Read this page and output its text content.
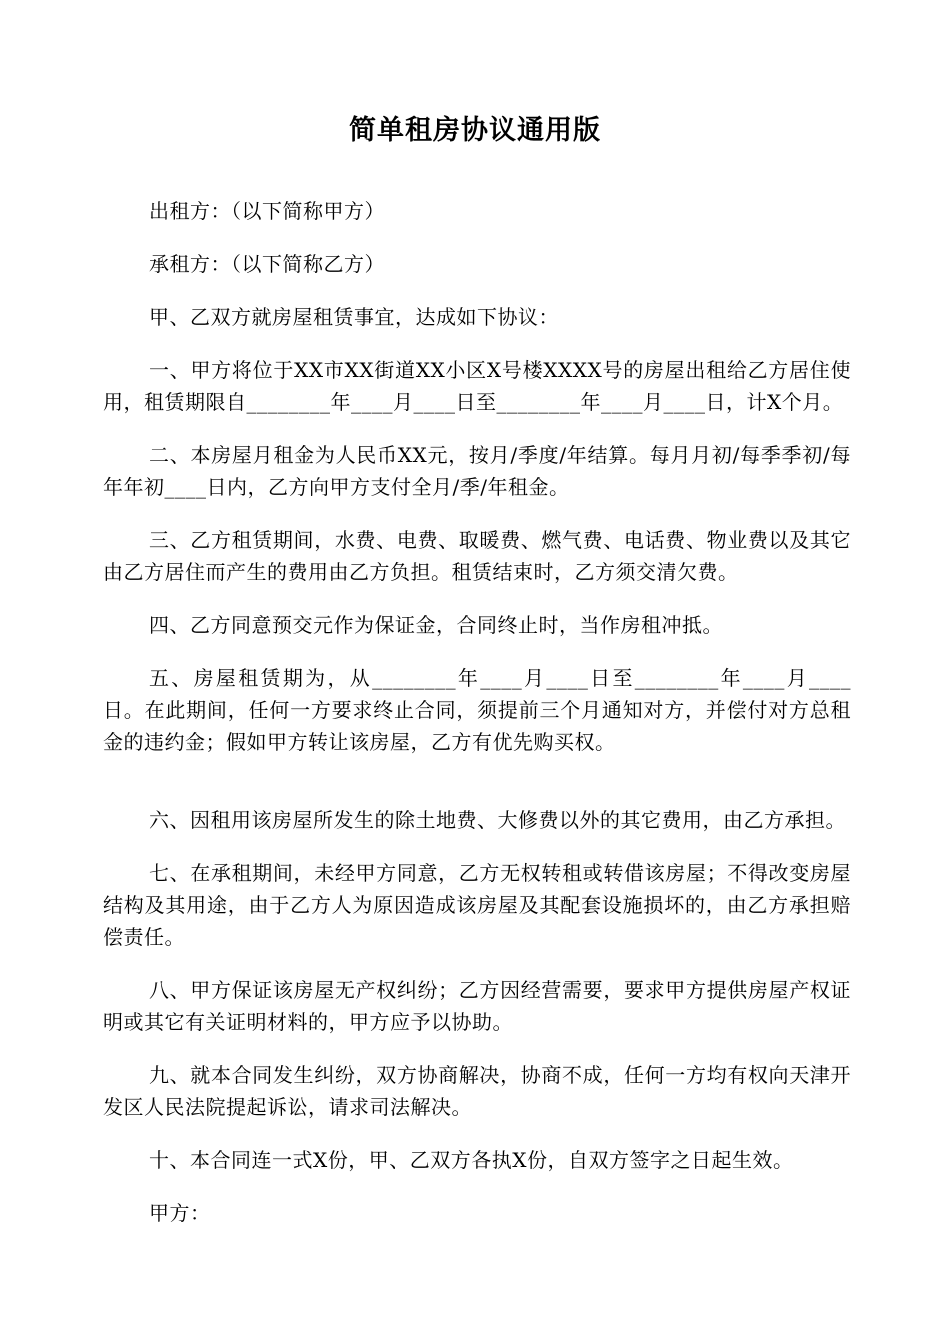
简单租房协议通用版

出租方：（以下简称甲方）

承租方：（以下简称乙方）

甲、乙双方就房屋租赁事宜，达成如下协议：

一、甲方将位于XX市XX街道XX小区X号楼XXXX号的房屋出租给乙方居住使用，租赁期限自________年____月____日至________年____月____日，计X个月。

二、本房屋月租金为人民币XX元，按月/季度/年结算。每月月初/每季季初/每年年初____日内，乙方向甲方支付全月/季/年租金。

三、乙方租赁期间，水费、电费、取暖费、燃气费、电话费、物业费以及其它由乙方居住而产生的费用由乙方负担。租赁结束时，乙方须交清欠费。

四、乙方同意预交元作为保证金，合同终止时，当作房租冲抵。

五、房屋租赁期为，从________年____月____日至________年____月____日。在此期间，任何一方要求终止合同，须提前三个月通知对方，并偿付对方总租金的违约金；假如甲方转让该房屋，乙方有优先购买权。

六、因租用该房屋所发生的除土地费、大修费以外的其它费用，由乙方承担。

七、在承租期间，未经甲方同意，乙方无权转租或转借该房屋；不得改变房屋结构及其用途，由于乙方人为原因造成该房屋及其配套设施损坏的，由乙方承担赔偿责任。

八、甲方保证该房屋无产权纠纷；乙方因经营需要，要求甲方提供房屋产权证明或其它有关证明材料的，甲方应予以协助。

九、就本合同发生纠纷，双方协商解决，协商不成，任何一方均有权向天津开发区人民法院提起诉讼，请求司法解决。

十、本合同连一式X份，甲、乙双方各执X份，自双方签字之日起生效。

甲方：
